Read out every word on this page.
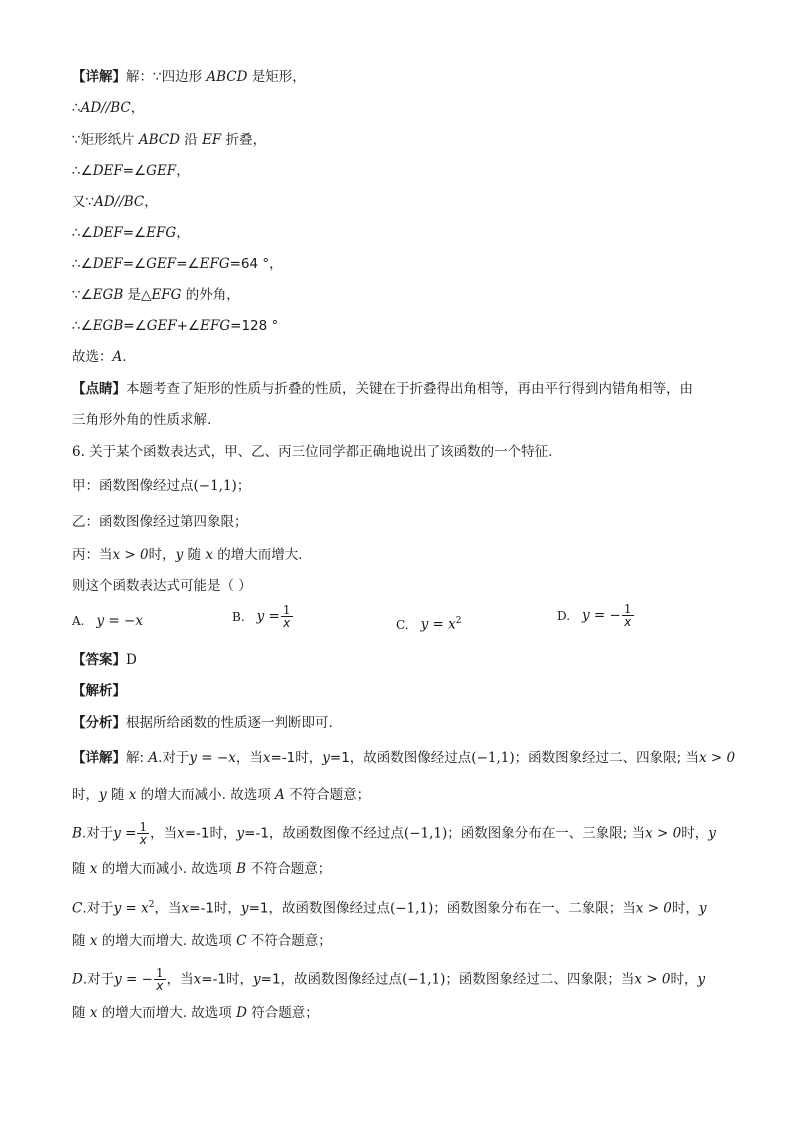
【详解】解：∵四边形 ABCD 是矩形，
∴AD//BC，
∵矩形纸片 ABCD 沿 EF 折叠，
∴∠DEF=∠GEF，
又∵AD//BC，
∴∠DEF=∠EFG，
∴∠DEF=∠GEF=∠EFG=64 °，
∵∠EGB 是△EFG 的外角，
∴∠EGB=∠GEF+∠EFG=128 °
故选：A.
【点睛】本题考查了矩形的性质与折叠的性质，关键在于折叠得出角相等，再由平行得到内错角相等，由
三角形外角的性质求解.
6. 关于某个函数表达式，甲、乙、丙三位同学都正确地说出了该函数的一个特征.
甲：函数图像经过点(−1,1)；
乙：函数图像经过第四象限；
丙：当x > 0时，y 随 x 的增大而增大.
则这个函数表达式可能是（ ）
A. y = −x	B. $y = \frac{1}{x}$	C. $y = x^2$	D. y = − $\frac{1}{x}$
【答案】D
【解析】
【分析】根据所给函数的性质逐一判断即可.
【详解】解: A.对于y = −x，当x=-1时，y=1，故函数图像经过点(−1,1)；函数图象经过二、四象限; 当x > 0
时，y 随 x 的增大而减小. 故选项 A 不符合题意；
B.对于$y = \frac{1}{x}$ ，当x=-1时，y=-1，故函数图像不经过点(−1,1)；函数图象分布在一、三象限; 当x > 0时，y
随 x 的增大而减小. 故选项 B 不符合题意；
C.对于$y = x^2$，当x=-1时，y=1，故函数图像经过点(−1,1)；函数图象分布在一、二象限；当x > 0时，y
随 x 的增大而增大. 故选项 C 不符合题意；
D.对于y = − $\frac{1}{x}$ ，当x=-1时，y=1，故函数图像经过点(−1,1)；函数图象经过二、四象限；当x > 0时，y
随 x 的增大而增大. 故选项 D 符合题意；
